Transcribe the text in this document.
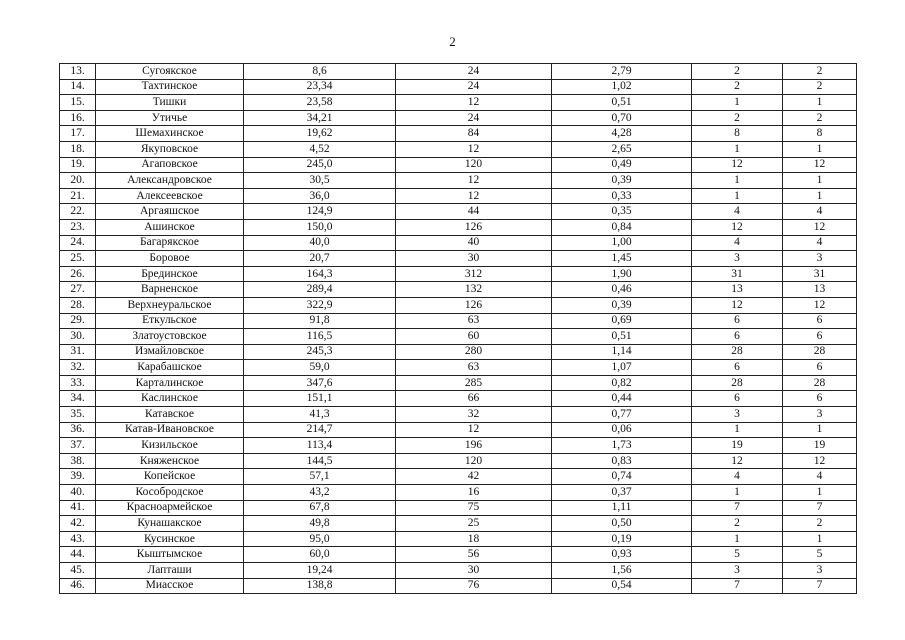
2
13.	Сугоякское	8,6	24	2,79	2	2
14.	Тахтинское	23,34	24	1,02	2	2
15.	Тишки	23,58	12	0,51	1	1
16.	Утичье	34,21	24	0,70	2	2
17.	Шемахинское	19,62	84	4,28	8	8
18.	Якуповское	4,52	12	2,65	1	1
19.	Агаповское	245,0	120	0,49	12	12
20.	Александровское	30,5	12	0,39	1	1
21.	Алексеевское	36,0	12	0,33	1	1
22.	Аргаяшское	124,9	44	0,35	4	4
23.	Ашинское	150,0	126	0,84	12	12
24.	Багарякское	40,0	40	1,00	4	4
25.	Боровое	20,7	30	1,45	3	3
26.	Брединское	164,3	312	1,90	31	31
27.	Варненское	289,4	132	0,46	13	13
28.	Верхнеуральское	322,9	126	0,39	12	12
29.	Еткульское	91,8	63	0,69	6	6
30.	Златоустовское	116,5	60	0,51	6	6
31.	Измайловское	245,3	280	1,14	28	28
32.	Карабашское	59,0	63	1,07	6	6
33.	Карталинское	347,6	285	0,82	28	28
34.	Каслинское	151,1	66	0,44	6	6
35.	Катавское	41,3	32	0,77	3	3
36.	Катав-Ивановское	214,7	12	0,06	1	1
37.	Кизильское	113,4	196	1,73	19	19
38.	Княженское	144,5	120	0,83	12	12
39.	Копейское	57,1	42	0,74	4	4
40.	Кособродское	43,2	16	0,37	1	1
41.	Красноармейское	67,8	75	1,11	7	7
42.	Кунашакское	49,8	25	0,50	2	2
43.	Кусинское	95,0	18	0,19	1	1
44.	Кыштымское	60,0	56	0,93	5	5
45.	Лапташи	19,24	30	1,56	3	3
46.	Миасское	138,8	76	0,54	7	7
